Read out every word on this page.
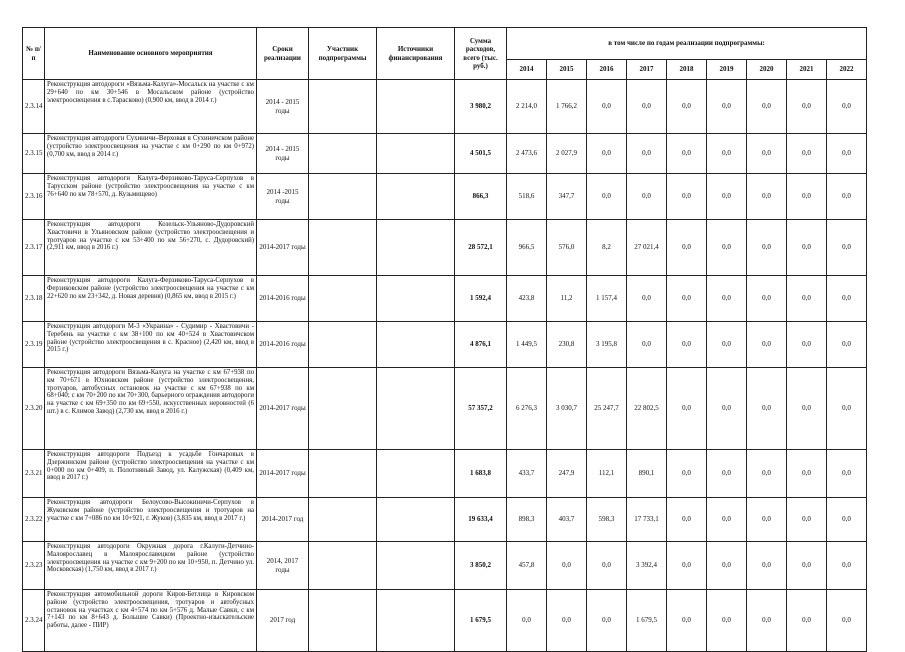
№ п/п	Наименование основного мероприятия	Сроки реализации	Участник подпрограммы	Источники финансирования	Сумма расходов, всего (тыс. руб.)	в том числе по годам реализации подпрограммы:								
						2014	2015	2016	2017	2018	2019	2020	2021	2022
2.3.14	Реконструкция автодороги «Вязьма-Калуга»-Мосальск на участке с км 29+640 по км 30+546 в Мосальском районе (устройство электроосвещения в с.Тарасково) (0,900 км, ввод в 2014 г.)	2014 - 2015 годы			3 980,2	2 214,0	1 766,2	0,0	0,0	0,0	0,0	0,0	0,0	0,0
2.3.15	Реконструкция автодороги Сухиничи–Верховая в Сухиничском районе (устройство электроосвещения на участке с км 0+290 по км 0+972) (0,700 км, ввод в 2014 г.)	2014 - 2015 годы			4 501,5	2 473,6	2 027,9	0,0	0,0	0,0	0,0	0,0	0,0	0,0
2.3.16	Реконструкция автодороги Калуга-Ферзиково-Таруса-Серпухов в Тарусском районе (устройство электроосвещения на участке с км 76+640 по км 78+570, д. Кузьмищево)	2014 -2015 годы			866,3	518,6	347,7	0,0	0,0	0,0	0,0	0,0	0,0	0,0
2.3.17	Реконструкция автодороги Козельск-Ульяново-Дудоровский Хвастовичи в Ульяновском районе (устройство электроосвещения и тротуаров на участке с км 53+400 по км 56+270, с. Дудоровский) (2,911 км, ввод в 2016 г.)	2014-2017 годы			28 572,1	966,5	576,0	8,2	27 021,4	0,0	0,0	0,0	0,0	0,0
2.3.18	Реконструкция автодороги Калуга-Ферзиково-Таруса-Серпухов в Ферзиковском районе (устройство электроосвещения на участке с км 22+620 по км 23+342, д. Новая деревня) (0,865 км, ввод в 2015 г.)	2014-2016 годы			1 592,4	423,8	11,2	1 157,4	0,0	0,0	0,0	0,0	0,0	0,0
2.3.19	Реконструкция автодороги М-3 «Украина» - Судимир - Хвастовичи - Теребень на участке с км 38+100 по км 40+524 в Хвастовичском районе (устройство электроосвещения в с. Красное) (2,420 км, ввод в 2015 г.)	2014-2016 годы			4 876,1	1 449,5	230,8	3 195,8	0,0	0,0	0,0	0,0	0,0	0,0
2.3.20	Реконструкция автодороги Вязьма-Калуга на участке с км 67+938 по км 70+671 в Юхновском районе (устройство электроосвещения, тротуаров, автобусных остановок на участке с км 67+938 по км 68+040; с км 70+200 по км 70+300, барьерного ограждения автодороги на участке с км 69+350 по км 69+550, искусственных неровностей (6 шт.) в с. Климов Завод) (2,730 км, ввод в 2016 г.)	2014-2017 годы			57 357,2	6 276,3	3 030,7	25 247,7	22 802,5	0,0	0,0	0,0	0,0	0,0
2.3.21	Реконструкция автодороги Подъезд к усадьбе Гончаровых в Дзержинском районе (устройство электроосвещения на участке с км 0+000 по км 0+409, п. Полотняный Завод, ул. Калужская) (0,409 км, ввод в 2017 г.)	2014-2017 годы			1 683,8	433,7	247,9	112,1	890,1	0,0	0,0	0,0	0,0	0,0
2.3.22	Реконструкция автодороги Белоусово-Высокиничи-Серпухов в Жуковском районе (устройство электроосвещения и тротуаров на участке с км 7+086 по км 10+921, г. Жуков) (3,835 км, ввод в 2017 г.)	2014-2017 год			19 633,4	898,3	403,7	598,3	17 733,1	0,0	0,0	0,0	0,0	0,0
2.3.23	Реконструкция автодороги Окружная дорога г.Калуги-Детчино-Малоярославец в Малоярославецком районе (устройство электроосвещения на участке с км 9+200 по км 10+950, п. Детчино ул. Московская) (1,750 км, ввод в 2017 г.)	2014, 2017 годы			3 850,2	457,8	0,0	0,0	3 392,4	0,0	0,0	0,0	0,0	0,0
2.3.24	Реконструкция автомобильной дороги Киров-Бетлица в Кировском районе (устройство электроосвещения, тротуаров и автобусных остановок на участках с км 4+574 по км 5+576 д. Малые Савки, с км 7+143 по км 8+643 д. Большие Савки) (Проектно-изыскательские работы, далее - ПИР)	2017 год			1 679,5	0,0	0,0	0,0	1 679,5	0,0	0,0	0,0	0,0	0,0
